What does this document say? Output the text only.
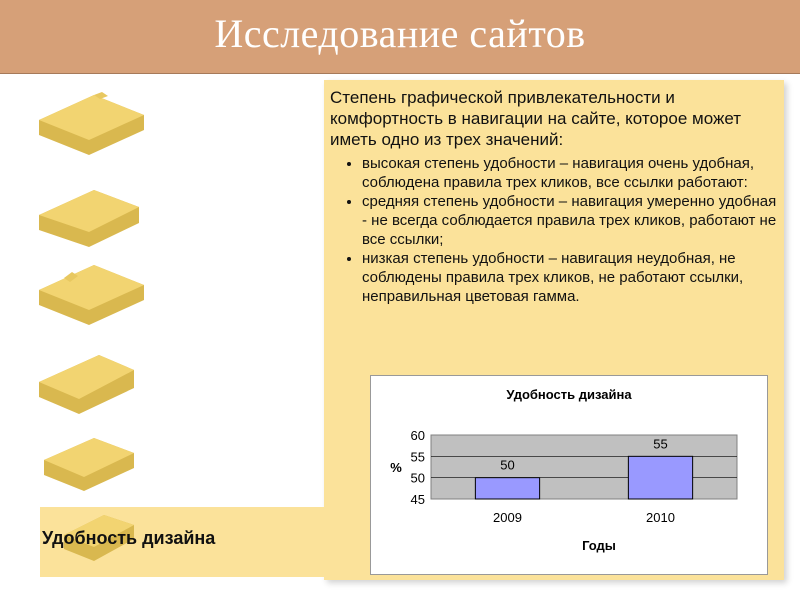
Исследование сайтов

Степень графической привлекательности и комфортность в навигации на сайте, которое может иметь одно из трех значений:

• высокая степень удобности – навигация очень удобная, соблюдена правила трех кликов, все ссылки работают:
• средняя степень удобности – навигация умеренно удобная - не всегда соблюдается правила трех кликов, работают не все ссылки;
• низкая степень удобности – навигация неудобная, не соблюдены правила трех кликов, не работают ссылки, неправильная цветовая гамма.
Удобность дизайна
Удобность дизайна
45
50
55
60
50
55
2009	2010
%
Годы
